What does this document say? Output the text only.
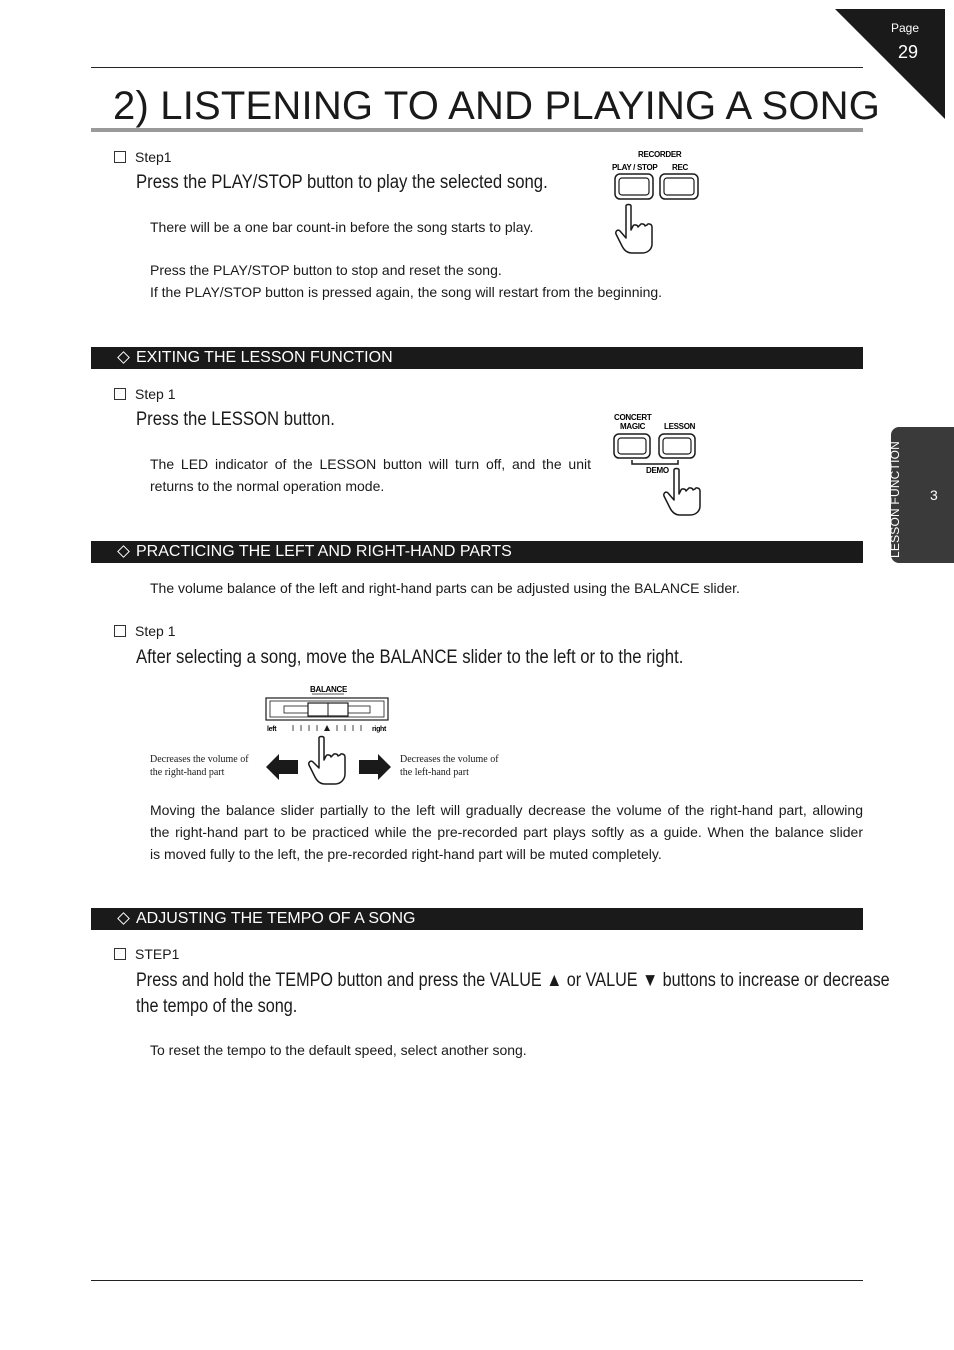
Page
29
2) LISTENING TO AND PLAYING A SONG
LESSON FUNCTION 3
Step1
Press the PLAY/STOP button to play the selected song.
There will be a one bar count-in before the song starts to play.
Press the PLAY/STOP button to stop and reset the song.
If the PLAY/STOP button is pressed again, the song will restart from the beginning.
RECORDER
PLAY / STOP REC
EXITING THE LESSON FUNCTION
Step 1
Press the LESSON button.
The LED indicator of the LESSON button will turn off, and the unit
returns to the normal operation mode.
CONCERT
MAGIC LESSON
DEMO
PRACTICING THE LEFT AND RIGHT-HAND PARTS
The volume balance of the left and right-hand parts can be adjusted using the BALANCE slider.
Step 1
After selecting a song, move the BALANCE slider to the left or to the right.
BALANCE
left	right
Decreases the volume of
the right-hand part
Decreases the volume of
the left-hand part
Moving the balance slider partially to the left will gradually decrease the volume of the right-hand part, allowing
the right-hand part to be practiced while the pre-recorded part plays softly as a guide. When the balance slider
is moved fully to the left, the pre-recorded right-hand part will be muted completely.
ADJUSTING THE TEMPO OF A SONG
STEP1
Press and hold the TEMPO button and press the VALUE ▲ or VALUE ▼ buttons to increase or decrease
the tempo of the song.
To reset the tempo to the default speed, select another song.
